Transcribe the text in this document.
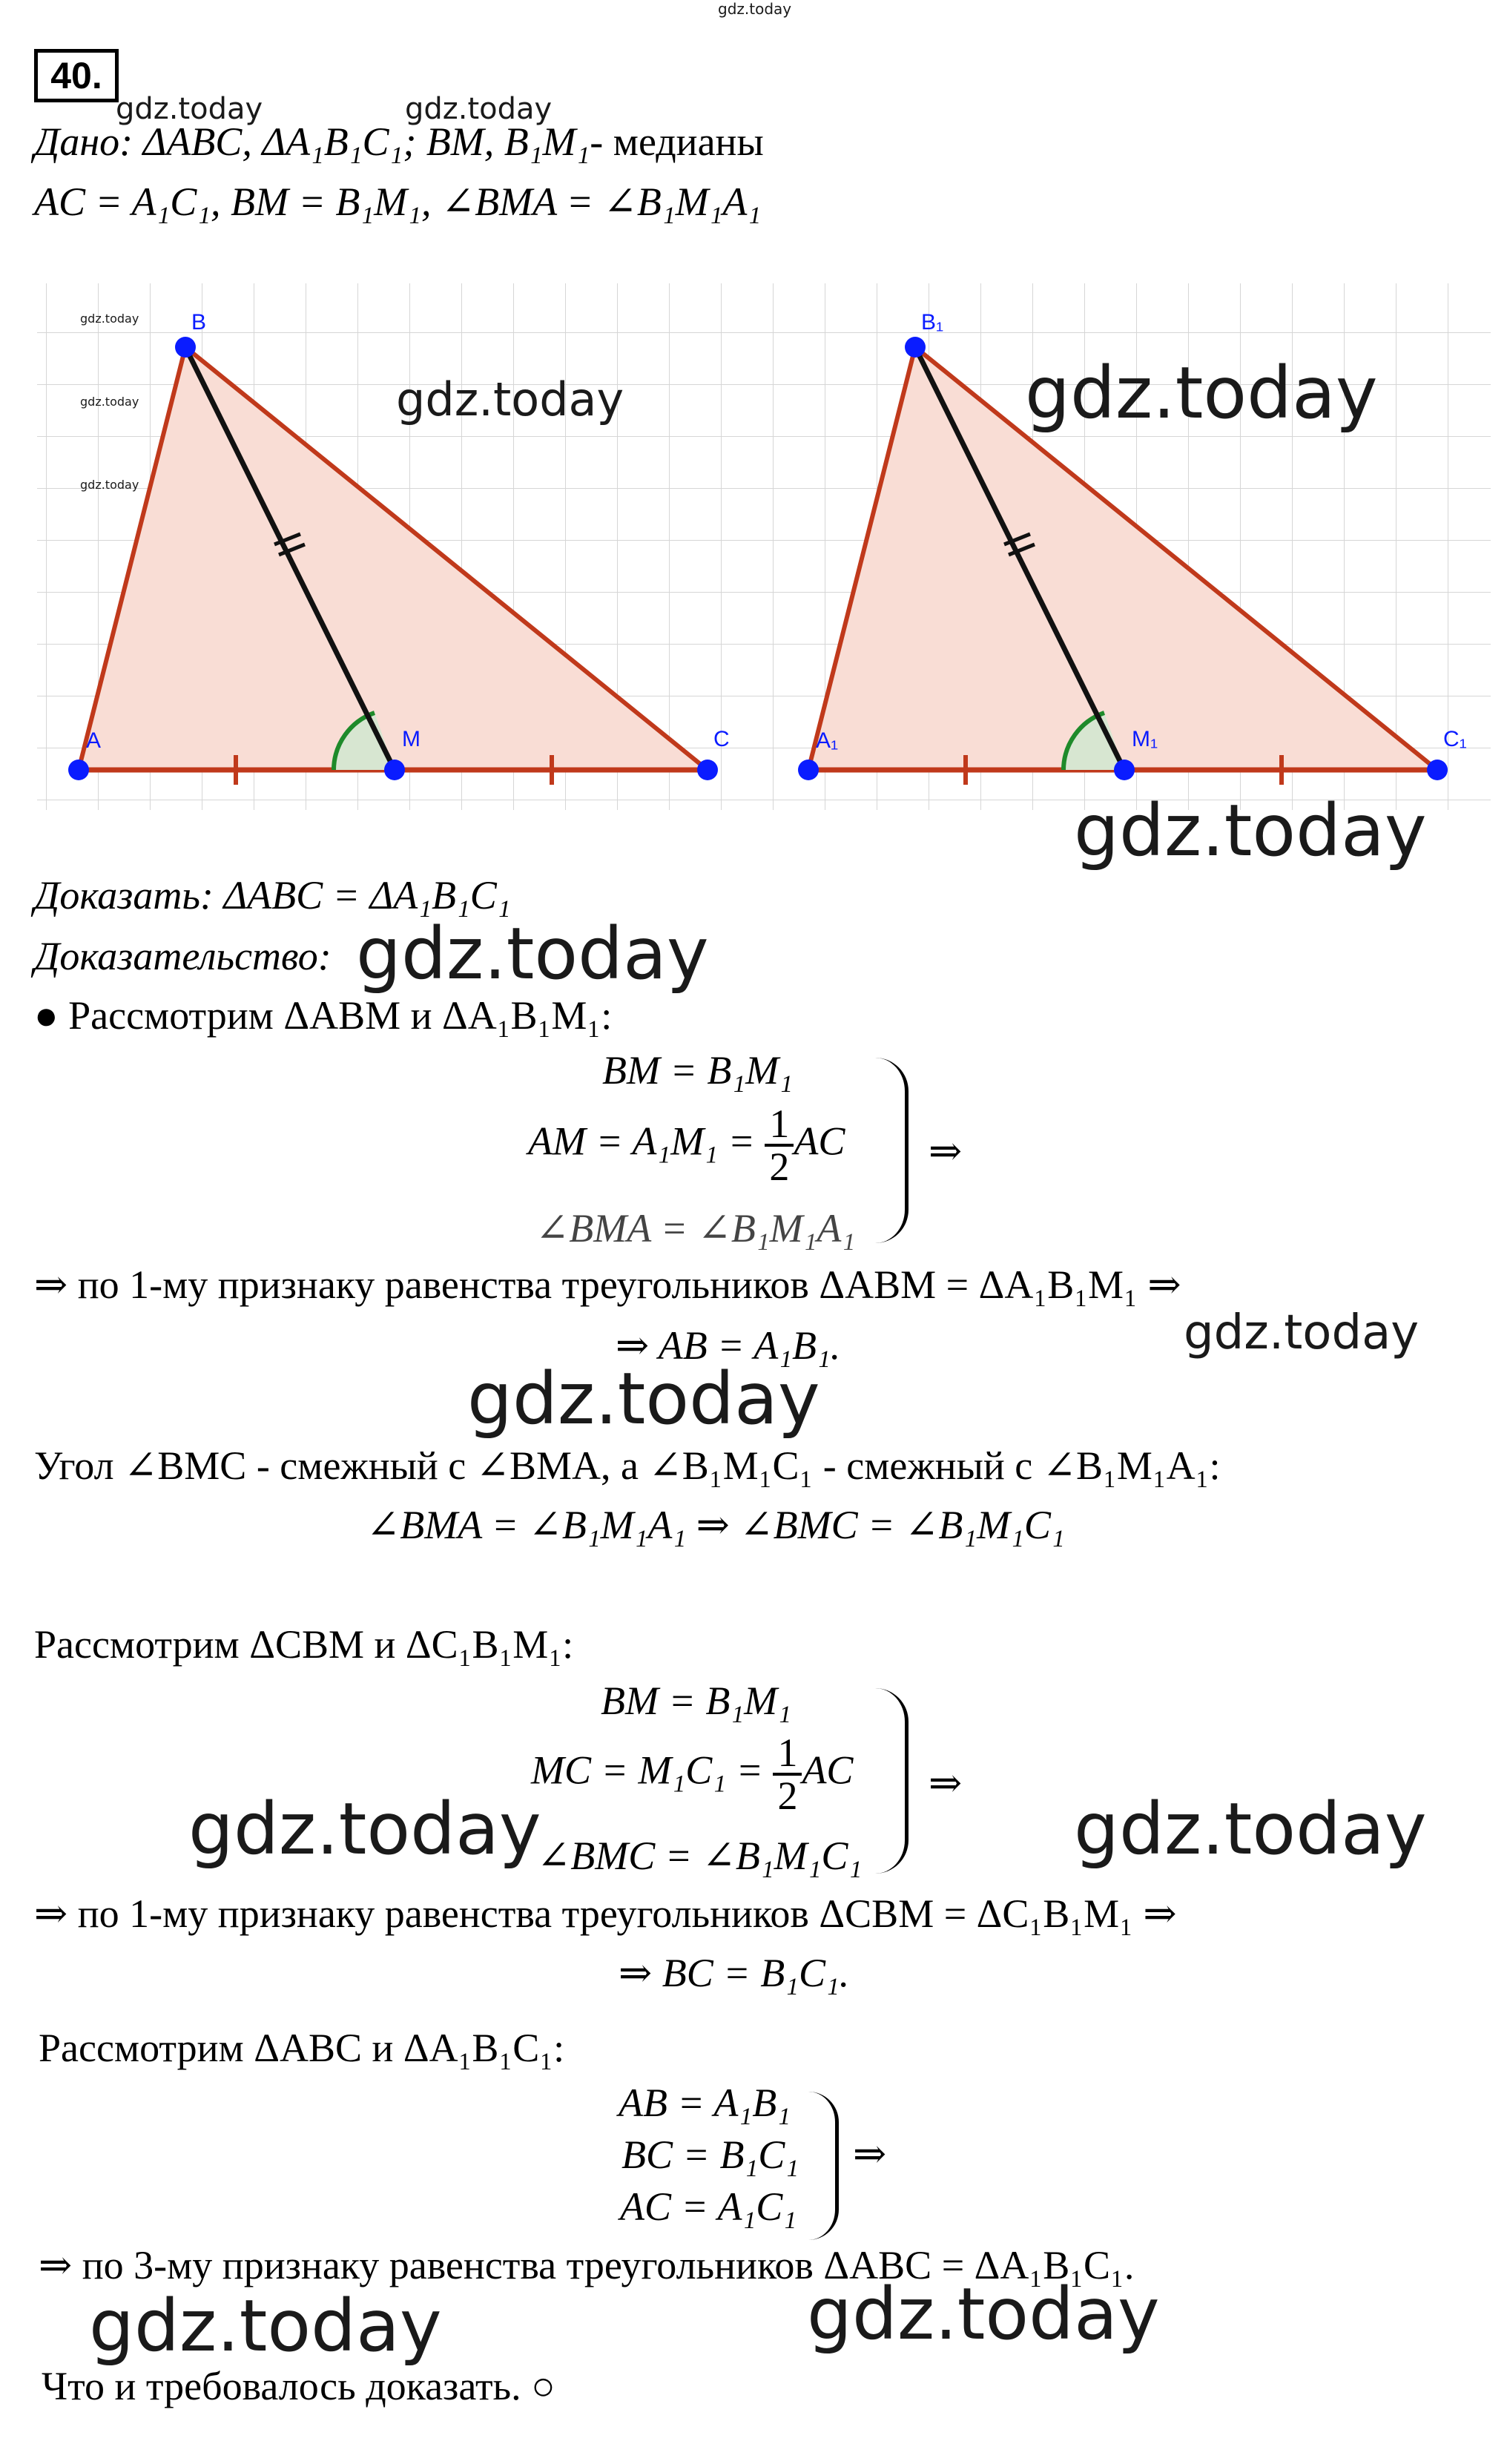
gdz.today
40.
gdz.today	gdz.today
Дано: ΔABC, ΔA₁B₁C₁; BM, B₁M₁- медианы
AC = A₁C₁, BM = B₁M₁, ∠BMA = ∠B₁M₁A₁
A
B
M	C	A₁
B₁
M₁	C₁
gdz.today
gdz.today
gdz.today
gdz.today	gdz.today
gdz.today
Доказать: ΔABC = ΔA₁B₁C₁
Доказательство: gdz.today
● Рассмотрим ΔABM и ΔA₁B₁M₁:
BM = B₁M₁
AM = $A_1M_1 = \frac{1}{2}$ AC
∠BMA = ∠B₁M₁A₁
⇒
⇒ по 1-му признаку равенства треугольников ΔABM = ΔA₁B₁M₁ ⇒
⇒ AB = A₁B₁.	gdz.today
gdz.today
Угол ∠BMC - смежный с ∠BMA, а ∠B₁M₁C₁ - смежный с ∠B₁M₁A₁:
∠BMA = ∠B₁M₁A₁ ⇒ ∠BMC = ∠B₁M₁C₁
Рассмотрим ΔCBM и ΔC₁B₁M₁:
BM = B₁M₁
MC = $M_1C_1 = \frac{1}{2}$ AC
∠BMC = ∠B₁M₁C₁
⇒
gdz.today	gdz.today
⇒ по 1-му признаку равенства треугольников ΔCBM = ΔC₁B₁M₁ ⇒
⇒ BC = B₁C₁.
Рассмотрим ΔABC и ΔA₁B₁C₁:
AB = A₁B₁
BC = B₁C₁
AC = A₁C₁
⇒
⇒ по 3-му признаку равенства треугольников ΔABC = ΔA₁B₁C₁.
gdz.today	gdz.today
Что и требовалось доказать. ○
